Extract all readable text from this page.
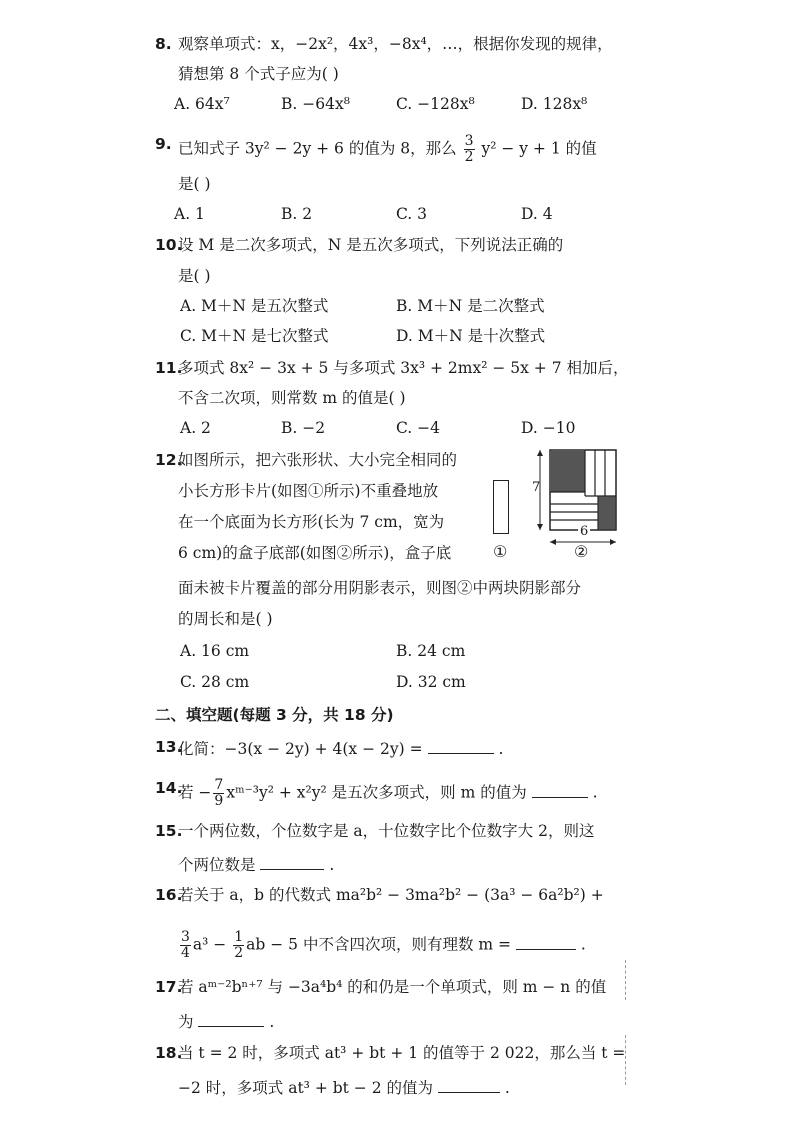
8. 观察单项式：x，−2x²，4x³，−8x⁴，…，根据你发现的规律，
猜想第 8 个式子应为( )
A. 64x⁷	B. −64x⁸	C. −128x⁸	D. 128x⁸
9. 已知式子 3y² − 2y + 6 的值为 8，那么 $\frac{3}{2} y^2 - y + 1$ 的值
是( )
A. 1	B. 2	C. 3	D. 4
10.
设 M 是二次多项式，N 是五次多项式，下列说法正确的
是( )
A. M＋N 是五次整式	B. M＋N 是二次整式
C. M＋N 是七次整式	D. M＋N 是十次整式
11.
多项式 8x² − 3x + 5 与多项式 3x³ + 2mx² − 5x + 7 相加后，
不含二次项，则常数 m 的值是( )
A. 2	B. −2	C. −4	D. −10
12.
如图所示，把六张形状、大小完全相同的
小长方形卡片(如图①所示)不重叠地放
在一个底面为长方形(长为 7 cm，宽为
6 cm)的盒子底部(如图②所示)，盒子底
面未被卡片覆盖的部分用阴影表示，则图②中两块阴影部分
的周长和是( )
①
7
6
②
A. 16 cm	B. 24 cm
C. 28 cm	D. 32 cm
二、填空题(每题 3 分，共 18 分)
13.
化简：−3(x − 2y) + 4(x − 2y) =	.
14.
若 − $\frac{7}{9}$ xᵐ⁻³y² + x²y² 是五次多项式，则 m 的值为	.
15.
一个两位数，个位数字是 a，十位数字比个位数字大 2，则这
个两位数是	.
16.
若关于 a，b 的代数式 ma²b² − 3ma²b² − (3a³ − 6a²b²) +
$\frac{3}{4} a^3 - \frac{1}{2}$ ab − 5 中不含四次项，则有理数 m =	.
17.
若 aᵐ⁻²bⁿ⁺⁷ 与 −3a⁴b⁴ 的和仍是一个单项式，则 m − n 的值
为	.
18.
当 t = 2 时，多项式 at³ + bt + 1 的值等于 2 022，那么当 t =
−2 时，多项式 at³ + bt − 2 的值为	.
